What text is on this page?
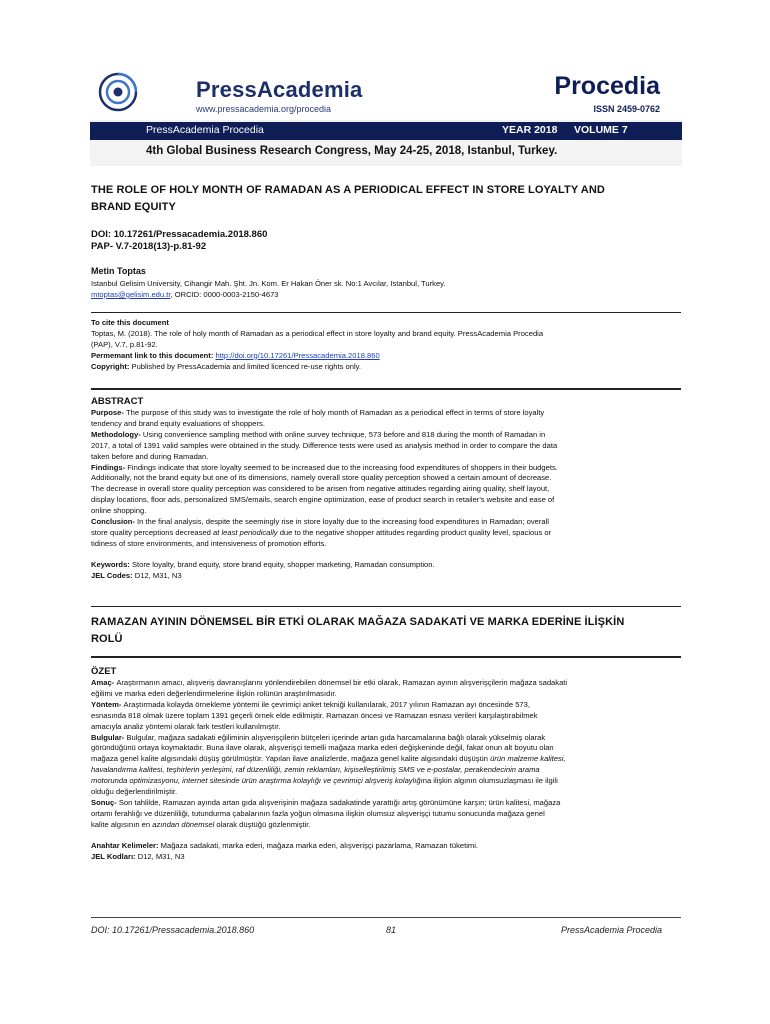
PressAcademia
www.pressacademia.org/procedia
Procedia
ISSN 2459-0762
PressAcademia Procedia	YEAR 2018 VOLUME 7
4th Global Business Research Congress, May 24-25, 2018, Istanbul, Turkey.
THE ROLE OF HOLY MONTH OF RAMADAN AS A PERIODICAL EFFECT IN STORE LOYALTY AND
BRAND EQUITY
DOI: 10.17261/Pressacademia.2018.860
PAP- V.7-2018(13)-p.81-92
Metin Toptas
Istanbul Gelisim University, Cihangir Mah. Şht. Jn. Kom. Er Hakan Öner sk. No:1 Avcılar, Istanbul, Turkey.
mtoptas@gelisim.edu.tr, ORCID: 0000-0003-2150-4673
To cite this document
Toptas, M. (2018). The role of holy month of Ramadan as a periodical effect in store loyalty and brand equity. PressAcademia Procedia
(PAP), V.7, p.81-92.
Permemant link to this document: http://doi.org/10.17261/Pressacademia.2018.860
Copyright: Published by PressAcademia and limited licenced re-use rights only.
ABSTRACT
Purpose- The purpose of this study was to investigate the role of holy month of Ramadan as a periodical effect in terms of store loyalty
tendency and brand equity evaluations of shoppers.
Methodology- Using convenience sampling method with online survey technique, 573 before and 818 during the month of Ramadan in
2017, a total of 1391 valid samples were obtained in the study. Difference tests were used as analysis method in order to compare the data
taken before and during Ramadan.
Findings- Findings indicate that store loyalty seemed to be increased due to the increasing food expenditures of shoppers in their budgets.
Additionally, not the brand equity but one of its dimensions, namely overall store quality perception showed a certain amount of decrease.
The decrease in overall store quality perception was considered to be arisen from negative attitudes regarding airing quality, shelf layout,
display locations, floor ads, personalized SMS/emails, search engine optimization, ease of product search in retailer's website and ease of
online shopping.
Conclusion- In the final analysis, despite the seemingly rise in store loyalty due to the increasing food expenditures in Ramadan; overall
store quality perceptions decreased at least periodically due to the negative shopper attitudes regarding product quality level, spacious or
tidiness of store environments, and intensiveness of promotion efforts.
Keywords: Store loyalty, brand equity, store brand equity, shopper marketing, Ramadan consumption.
JEL Codes: D12, M31, N3
RAMAZAN AYININ DÖNEMSEL BİR ETKİ OLARAK MAĞAZA SADAKATİ VE MARKA EDERİNE İLİŞKİN
ROLÜ
ÖZET
Amaç- Araştırmanın amacı, alışveriş davranışlarını yönlendirebilen dönemsel bir etki olarak, Ramazan ayının alışverişçilerin mağaza sadakati
eğilimi ve marka ederi değerlendirmelerine ilişkin rolünün araştırılmasıdır.
Yöntem- Araştırmada kolayda örnekleme yöntemi ile çevrimiçi anket tekniği kullanılarak, 2017 yılının Ramazan ayı öncesinde 573,
esnasında 818 olmak üzere toplam 1391 geçerli örnek elde edilmiştir. Ramazan öncesi ve Ramazan esnası verileri karşılaştırabilmek
amacıyla analiz yöntemi olarak fark testleri kullanılmıştır.
Bulgular- Bulgular, mağaza sadakati eğiliminin alışverişçilerin bütçeleri içerinde artan gıda harcamalarına bağlı olarak yükselmiş olarak
göründüğünü ortaya koymaktadır. Buna ilave olarak, alışverişçi temelli mağaza marka ederi değişkeninde değil, fakat onun alt boyutu olan
mağaza genel kalite algısındaki düşüş görülmüştür. Yapılan ilave analizlerde, mağaza genel kalite algısındaki düşüşün ürün malzeme kalitesi,
havalandırma kalitesi, teşhirlerin yerleşimi, raf düzenliliği, zemin reklamları, kişiselleştirilmiş SMS ve e-postalar, perakendecinin arama
motorunda optimizasyonu, internet sitesinde ürün araştırma kolaylığı ve çevrimiçi alışveriş kolaylığına ilişkin algının olumsuzlaşması ile ilgili
olduğu değerlendirilmiştir.
Sonuç- Son tahlilde, Ramazan ayında artan gıda alışverişinin mağaza sadakatinde yarattığı artış görünümüne karşın; ürün kalitesi, mağaza
ortamı ferahlığı ve düzenliliği, tutundurma çabalarının fazla yoğun olmasına ilişkin olumsuz alışverişçi tutumu sonucunda mağaza genel
kalite algısının en azından dönemsel olarak düştüğü gözlenmiştir.
Anahtar Kelimeler: Mağaza sadakati, marka ederi, mağaza marka ederi, alışverişçi pazarlama, Ramazan tüketimi.
JEL Kodları: D12, M31, N3
DOI: 10.17261/Pressacademia.2018.860	81	PressAcademia Procedia
